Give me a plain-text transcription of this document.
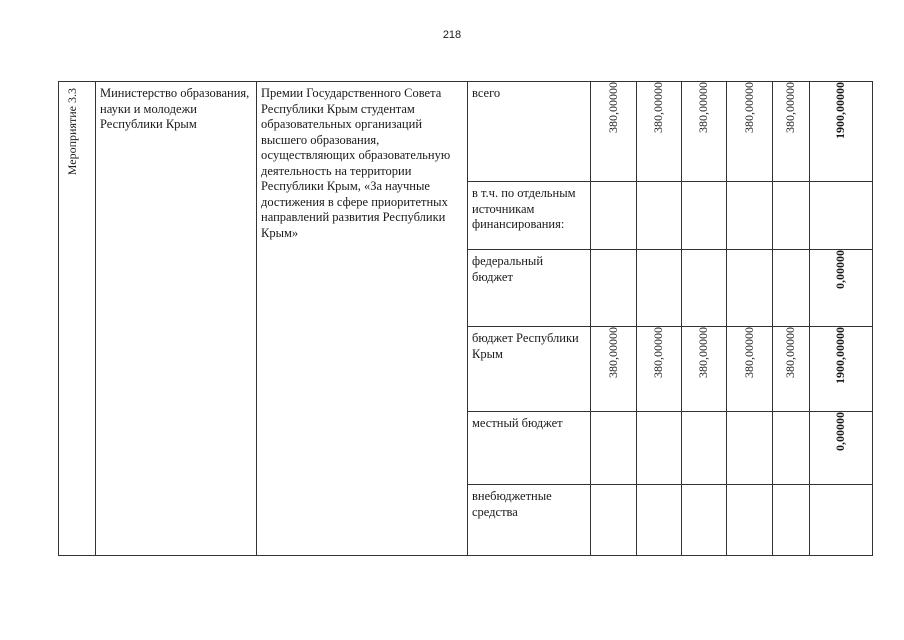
218
Мероприятие 3.3	Министерство образования, науки и молодежи Республики Крым	Премии Государственного Совета Республики Крым студентам образовательных организаций высшего образования, осуществляющих образовательную деятельность на территории Республики Крым, «За научные достижения в сфере приоритетных направлений развития Республики Крым»	всего	380,00000	380,00000	380,00000	380,00000	380,00000	1900,00000

			в т.ч. по отдельным источникам финансирования:						

			федеральный бюджет						0,00000

			бюджет Республики Крым	380,00000	380,00000	380,00000	380,00000	380,00000	1900,00000

			местный бюджет						0,00000

			внебюджетные средства						
